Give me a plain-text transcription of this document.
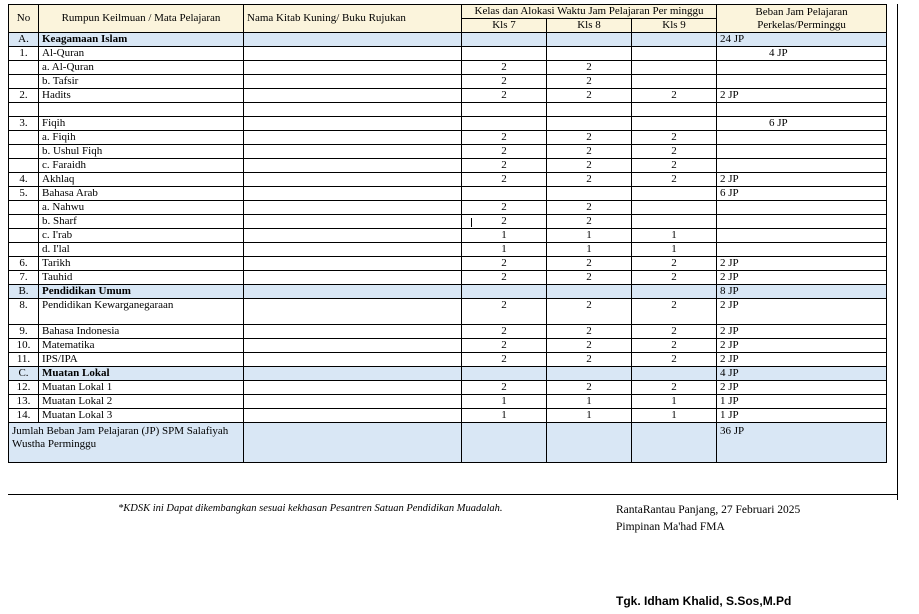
No	Rumpun Keilmuan / Mata Pelajaran	Nama Kitab Kuning/ Buku Rujukan	Kelas dan Alokasi Waktu Jam Pelajaran Per minggu			Beban Jam Pelajaran Perkelas/Perminggu
			Kls 7	Kls 8	Kls 9	
A.	Keagamaan Islam					24 JP
1.	Al-Quran					4 JP
	a. Al-Quran		2	2		
	b. Tafsir		2	2		
2.	Hadits		2	2	2	2 JP

3.	Fiqih					6 JP
	a. Fiqih		2	2	2	
	b. Ushul Fiqh		2	2	2	
	c. Faraidh		2	2	2	
4.	Akhlaq		2	2	2	2 JP
5.	Bahasa Arab					6 JP
	a. Nahwu		2	2		
	b. Sharf		2	2		
	c. I'rab		1	1	1	
	d. I'lal		1	1	1	
6.	Tarikh		2	2	2	2 JP
7.	Tauhid		2	2	2	2 JP
B.	Pendidikan Umum					8 JP
8.	Pendidikan Kewarganegaraan		2	2	2	2 JP
9.	Bahasa Indonesia		2	2	2	2 JP
10.	Matematika		2	2	2	2 JP
11.	IPS/IPA		2	2	2	2 JP
C.	Muatan Lokal					4 JP
12.	Muatan Lokal 1		2	2	2	2 JP
13.	Muatan Lokal 2		1	1	1	1 JP
14.	Muatan Lokal 3		1	1	1	1 JP
Jumlah Beban Jam Pelajaran (JP) SPM Salafiyah Wustha Perminggu						36 JP
*KDSK ini Dapat dikembangkan sesuai kekhasan Pesantren Satuan Pendidikan Muadalah.	RantaRantau Panjang, 27 Februari 2025
Pimpinan Ma'had FMA
Tgk. Idham Khalid, S.Sos,M.Pd
